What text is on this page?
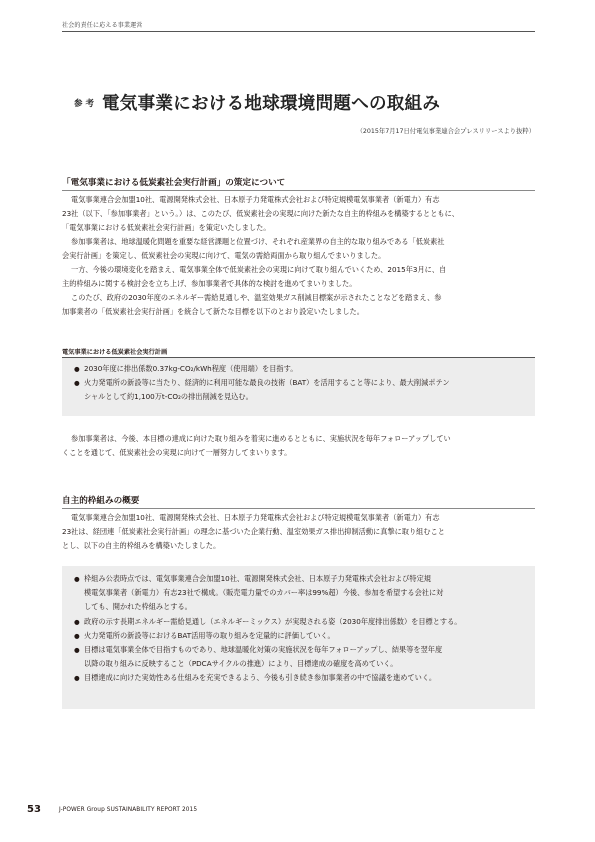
社会的責任に応える事業運営
参考 電気事業における地球環境問題への取組み
（2015年7月17日付電気事業連合会プレスリリースより抜粋）
「電気事業における低炭素社会実行計画」の策定について
電気事業連合会加盟10社、電源開発株式会社、日本原子力発電株式会社および特定規模電気事業者（新電力）有志
23社（以下、「参加事業者」という。）は、このたび、低炭素社会の実現に向けた新たな自主的枠組みを構築するとともに、
「電気事業における低炭素社会実行計画」を策定いたしました。
参加事業者は、地球温暖化問題を重要な経営課題と位置づけ、それぞれ産業界の自主的な取り組みである「低炭素社
会実行計画」を策定し、低炭素社会の実現に向けて、電気の需給両面から取り組んでまいりました。
一方、今後の環境変化を踏まえ、電気事業全体で低炭素社会の実現に向けて取り組んでいくため、2015年3月に、自
主的枠組みに関する検討会を立ち上げ、参加事業者で具体的な検討を進めてまいりました。
このたび、政府の2030年度のエネルギー需給見通しや、温室効果ガス削減目標案が示されたことなどを踏まえ、参
加事業者の「低炭素社会実行計画」を統合して新たな目標を以下のとおり設定いたしました。
電気事業における低炭素社会実行計画
● 2030年度に排出係数0.37kg-CO₂/kWh程度（使用端）を目指す。
● 火力発電所の新設等に当たり、経済的に利用可能な最良の技術（BAT）を活用すること等により、最大削減ポテン
シャルとして約1,100万t-CO₂の排出削減を見込む。
参加事業者は、今後、本目標の達成に向けた取り組みを着実に進めるとともに、実施状況を毎年フォローアップしてい
くことを通じて、低炭素社会の実現に向けて一層努力してまいります。
自主的枠組みの概要
電気事業連合会加盟10社、電源開発株式会社、日本原子力発電株式会社および特定規模電気事業者（新電力）有志
23社は、経団連「低炭素社会実行計画」の理念に基づいた企業行動、温室効果ガス排出抑制活動に真摯に取り組むこと
とし、以下の自主的枠組みを構築いたしました。
● 枠組み公表時点では、電気事業連合会加盟10社、電源開発株式会社、日本原子力発電株式会社および特定規
模電気事業者（新電力）有志23社で構成。（販売電力量でのカバー率は99%超）今後、参加を希望する会社に対
しても、開かれた枠組みとする。
● 政府の示す長期エネルギー需給見通し（エネルギーミックス）が実現される姿（2030年度排出係数）を目標とする。
● 火力発電所の新設等におけるBAT活用等の取り組みを定量的に評価していく。
● 目標は電気事業全体で目指すものであり、地球温暖化対策の実施状況を毎年フォローアップし、結果等を翌年度
以降の取り組みに反映すること（PDCAサイクルの推進）により、目標達成の確度を高めていく。
● 目標達成に向けた実効性ある仕組みを充実できるよう、今後も引き続き参加事業者の中で協議を進めていく。
53	J-POWER Group SUSTAINABILITY REPORT 2015
